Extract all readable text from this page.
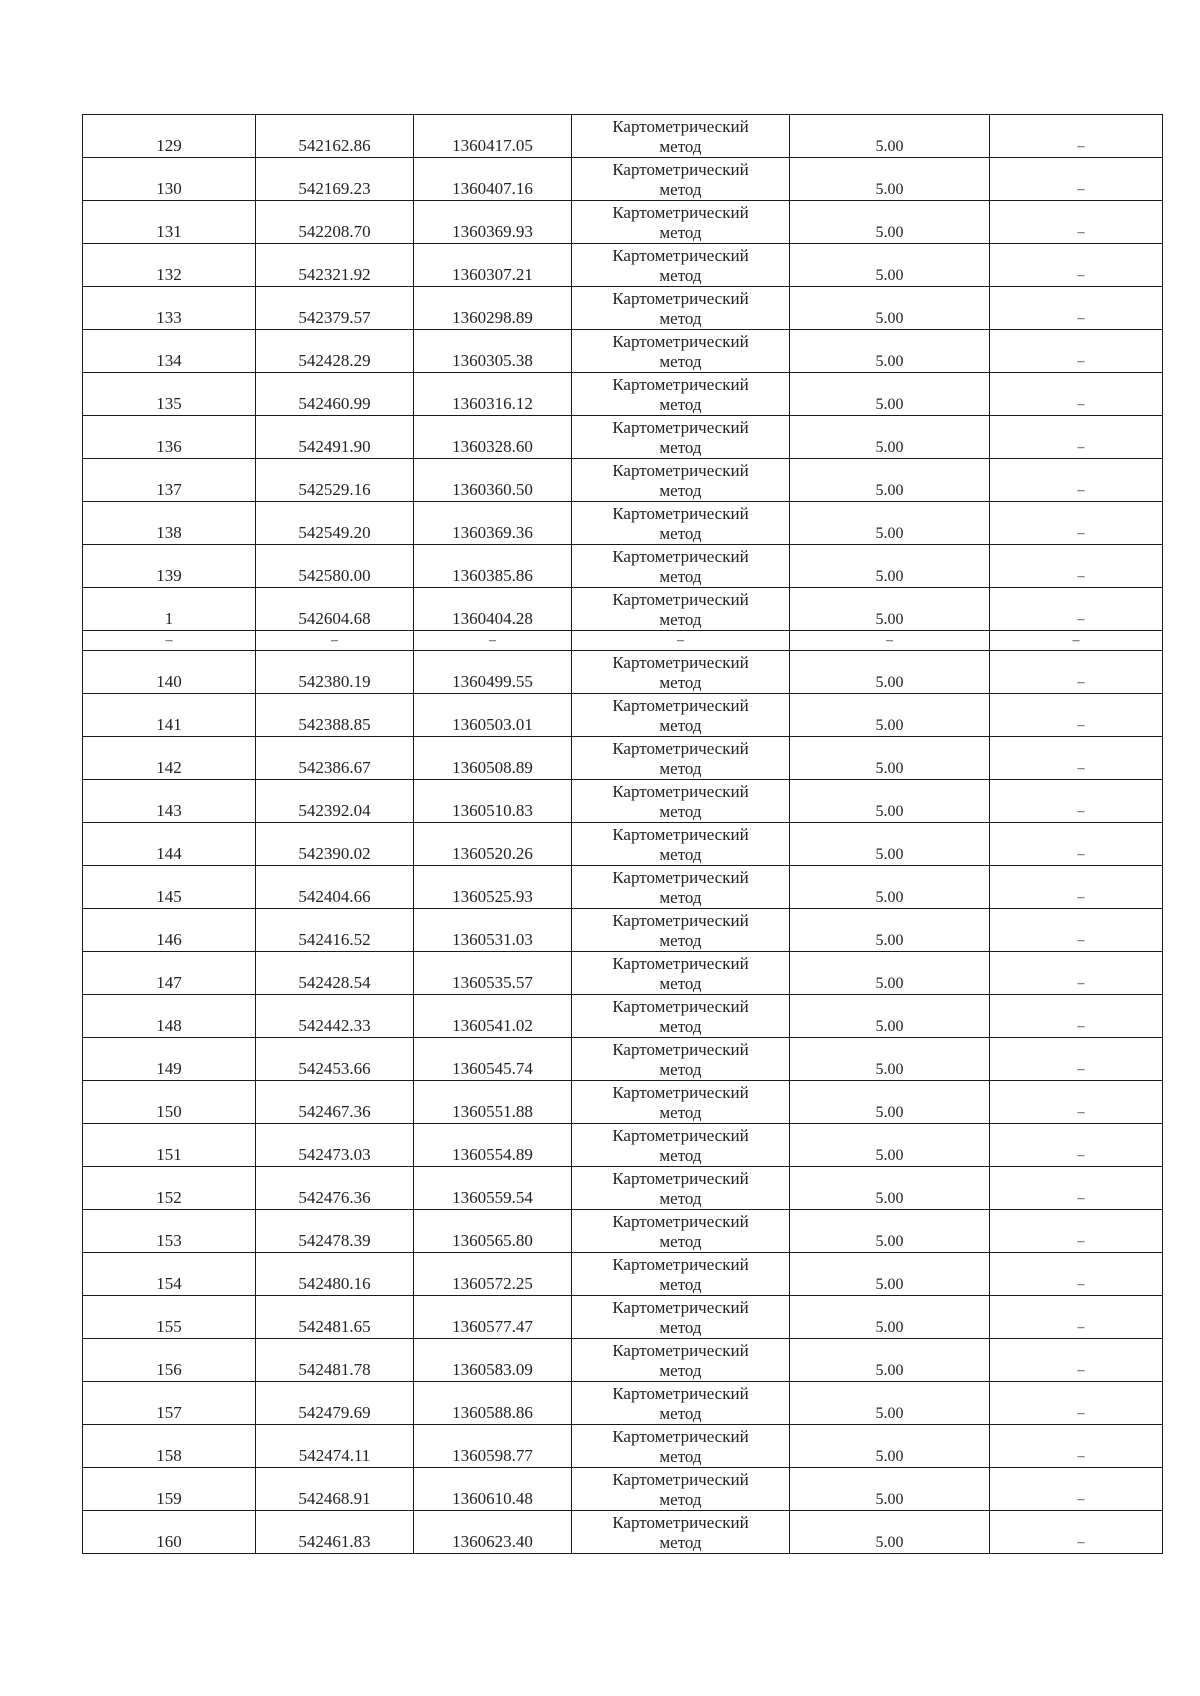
129	542162.86	1360417.05	Картометрический
метод	5.00	–

130	542169.23	1360407.16	Картометрический
метод	5.00	–

131	542208.70	1360369.93	Картометрический
метод	5.00	–

132	542321.92	1360307.21	Картометрический
метод	5.00	–

133	542379.57	1360298.89	Картометрический
метод	5.00	–

134	542428.29	1360305.38	Картометрический
метод	5.00	–

135	542460.99	1360316.12	Картометрический
метод	5.00	–

136	542491.90	1360328.60	Картометрический
метод	5.00	–

137	542529.16	1360360.50	Картометрический
метод	5.00	–

138	542549.20	1360369.36	Картометрический
метод	5.00	–

139	542580.00	1360385.86	Картометрический
метод	5.00	–

1	542604.68	1360404.28	Картометрический
метод	5.00	–

–	–	–	–	–	–

140	542380.19	1360499.55	Картометрический
метод	5.00	–

141	542388.85	1360503.01	Картометрический
метод	5.00	–

142	542386.67	1360508.89	Картометрический
метод	5.00	–

143	542392.04	1360510.83	Картометрический
метод	5.00	–

144	542390.02	1360520.26	Картометрический
метод	5.00	–

145	542404.66	1360525.93	Картометрический
метод	5.00	–

146	542416.52	1360531.03	Картометрический
метод	5.00	–

147	542428.54	1360535.57	Картометрический
метод	5.00	–

148	542442.33	1360541.02	Картометрический
метод	5.00	–

149	542453.66	1360545.74	Картометрический
метод	5.00	–

150	542467.36	1360551.88	Картометрический
метод	5.00	–

151	542473.03	1360554.89	Картометрический
метод	5.00	–

152	542476.36	1360559.54	Картометрический
метод	5.00	–

153	542478.39	1360565.80	Картометрический
метод	5.00	–

154	542480.16	1360572.25	Картометрический
метод	5.00	–

155	542481.65	1360577.47	Картометрический
метод	5.00	–

156	542481.78	1360583.09	Картометрический
метод	5.00	–

157	542479.69	1360588.86	Картометрический
метод	5.00	–

158	542474.11	1360598.77	Картометрический
метод	5.00	–

159	542468.91	1360610.48	Картометрический
метод	5.00	–

160	542461.83	1360623.40	Картометрический
метод	5.00	–
